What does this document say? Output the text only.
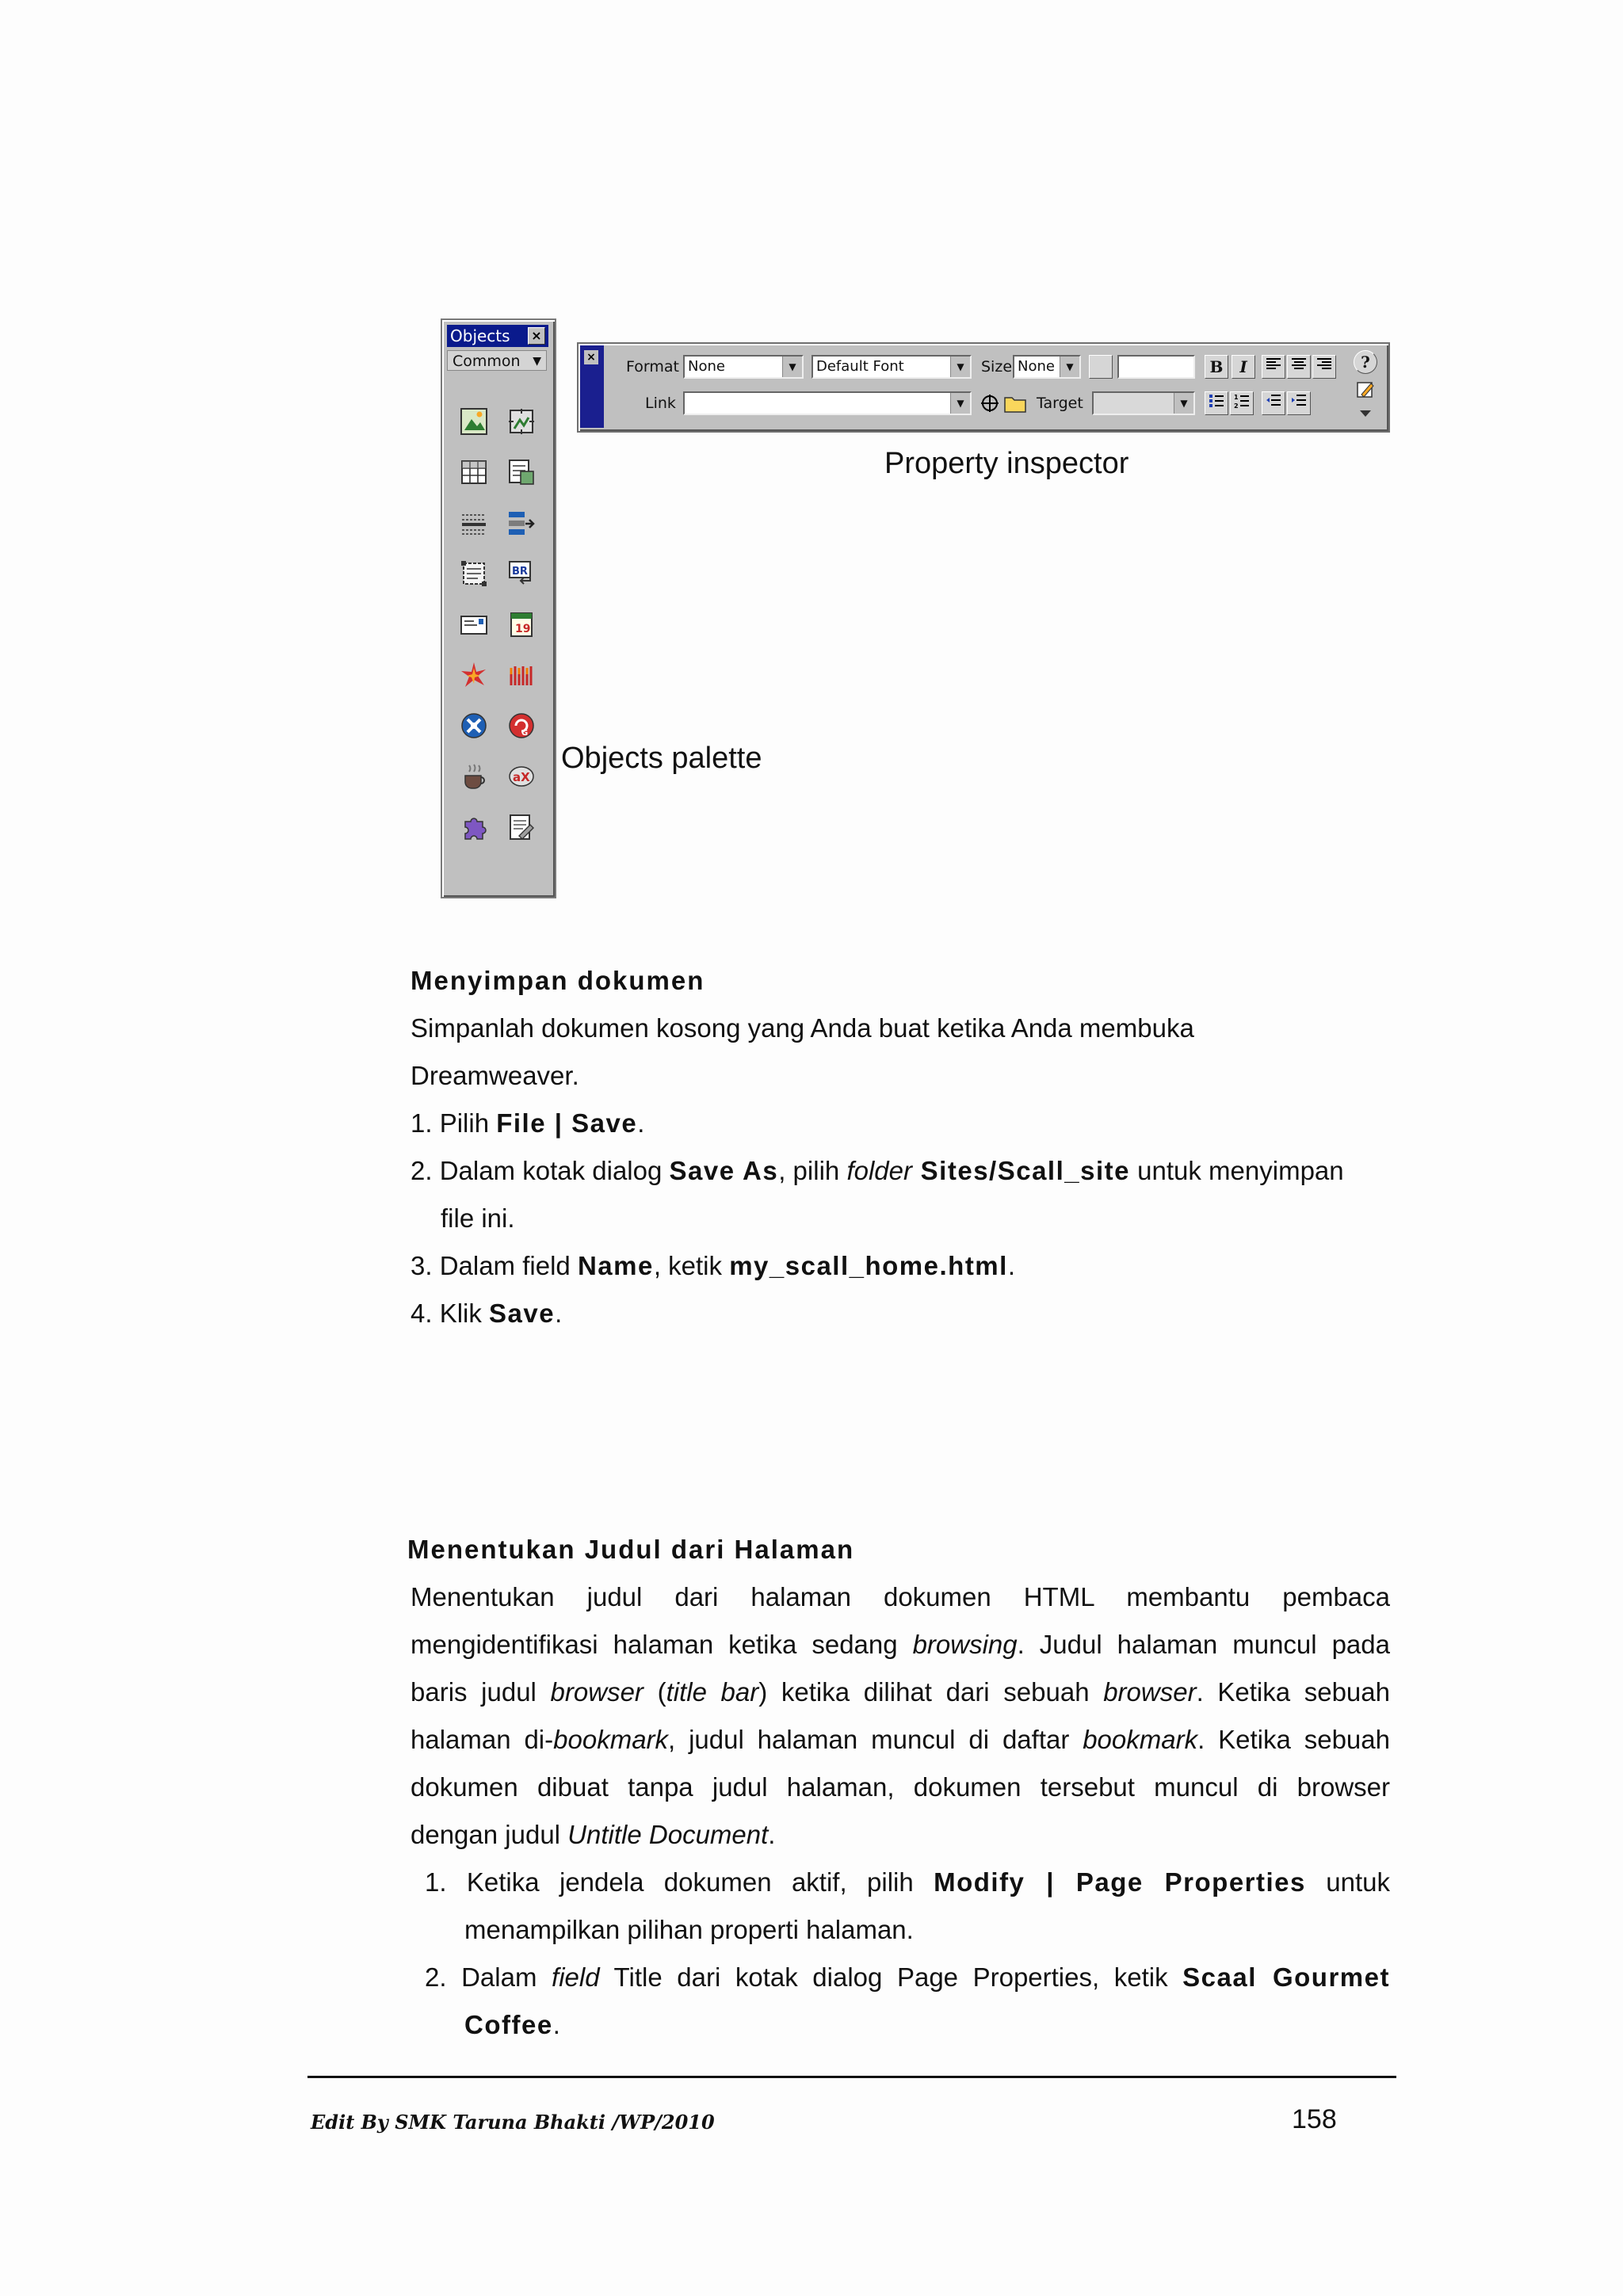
Objects ×
Common ▼
BR
19
G
aX
Objects palette
×
Format None	▼	Default Font	▼	Size None	▼	B	I	?
Link	▼	Target	▼
1
2
Property inspector

Menyimpan dokumen

Simpanlah dokumen kosong yang Anda buat ketika Anda membuka

Dreamweaver.

1. Pilih File | Save.

2. Dalam kotak dialog Save As, pilih folder Sites/Scall_site untuk menyimpan

file ini.

3. Dalam field Name, ketik my_scall_home.html.

4. Klik Save.

Menentukan Judul dari Halaman

Menentukan judul dari halaman dokumen HTML membantu pembaca

mengidentifikasi halaman ketika sedang browsing. Judul halaman muncul pada

baris judul browser (title bar) ketika dilihat dari sebuah browser. Ketika sebuah

halaman di-bookmark, judul halaman muncul di daftar bookmark. Ketika sebuah

dokumen dibuat tanpa judul halaman, dokumen tersebut muncul di browser

dengan judul Untitle Document.

1. Ketika jendela dokumen aktif, pilih Modify | Page Properties untuk

menampilkan pilihan properti halaman.

2. Dalam field Title dari kotak dialog Page Properties, ketik Scaal Gourmet

Coffee.

Edit By SMK Taruna Bhakti /WP/2010	158
